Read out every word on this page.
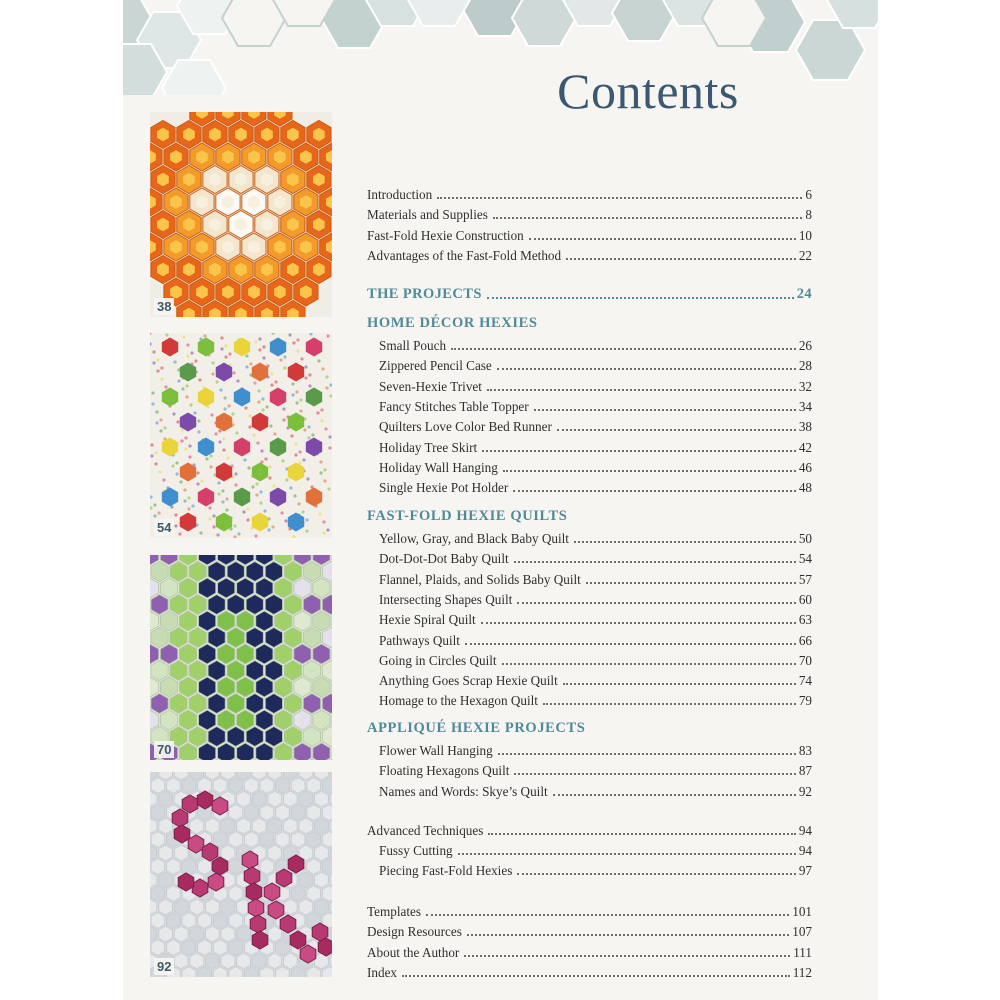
Contents
38
54
70
92
Introduction	6
Materials and Supplies	8
Fast-Fold Hexie Construction	10
Advantages of the Fast-Fold Method	22
THE PROJECTS	24
HOME DÉCOR HEXIES
Small Pouch	26
Zippered Pencil Case	28
Seven-Hexie Trivet	32
Fancy Stitches Table Topper	34
Quilters Love Color Bed Runner	38
Holiday Tree Skirt	42
Holiday Wall Hanging	46
Single Hexie Pot Holder	48
FAST-FOLD HEXIE QUILTS
Yellow, Gray, and Black Baby Quilt	50
Dot-Dot-Dot Baby Quilt	54
Flannel, Plaids, and Solids Baby Quilt	57
Intersecting Shapes Quilt	60
Hexie Spiral Quilt	63
Pathways Quilt	66
Going in Circles Quilt	70
Anything Goes Scrap Hexie Quilt	74
Homage to the Hexagon Quilt	79
APPLIQUÉ HEXIE PROJECTS
Flower Wall Hanging	83
Floating Hexagons Quilt	87
Names and Words: Skye’s Quilt	92
Advanced Techniques	94
Fussy Cutting	94
Piecing Fast-Fold Hexies	97
Templates	101
Design Resources	107
About the Author	111
Index	112
